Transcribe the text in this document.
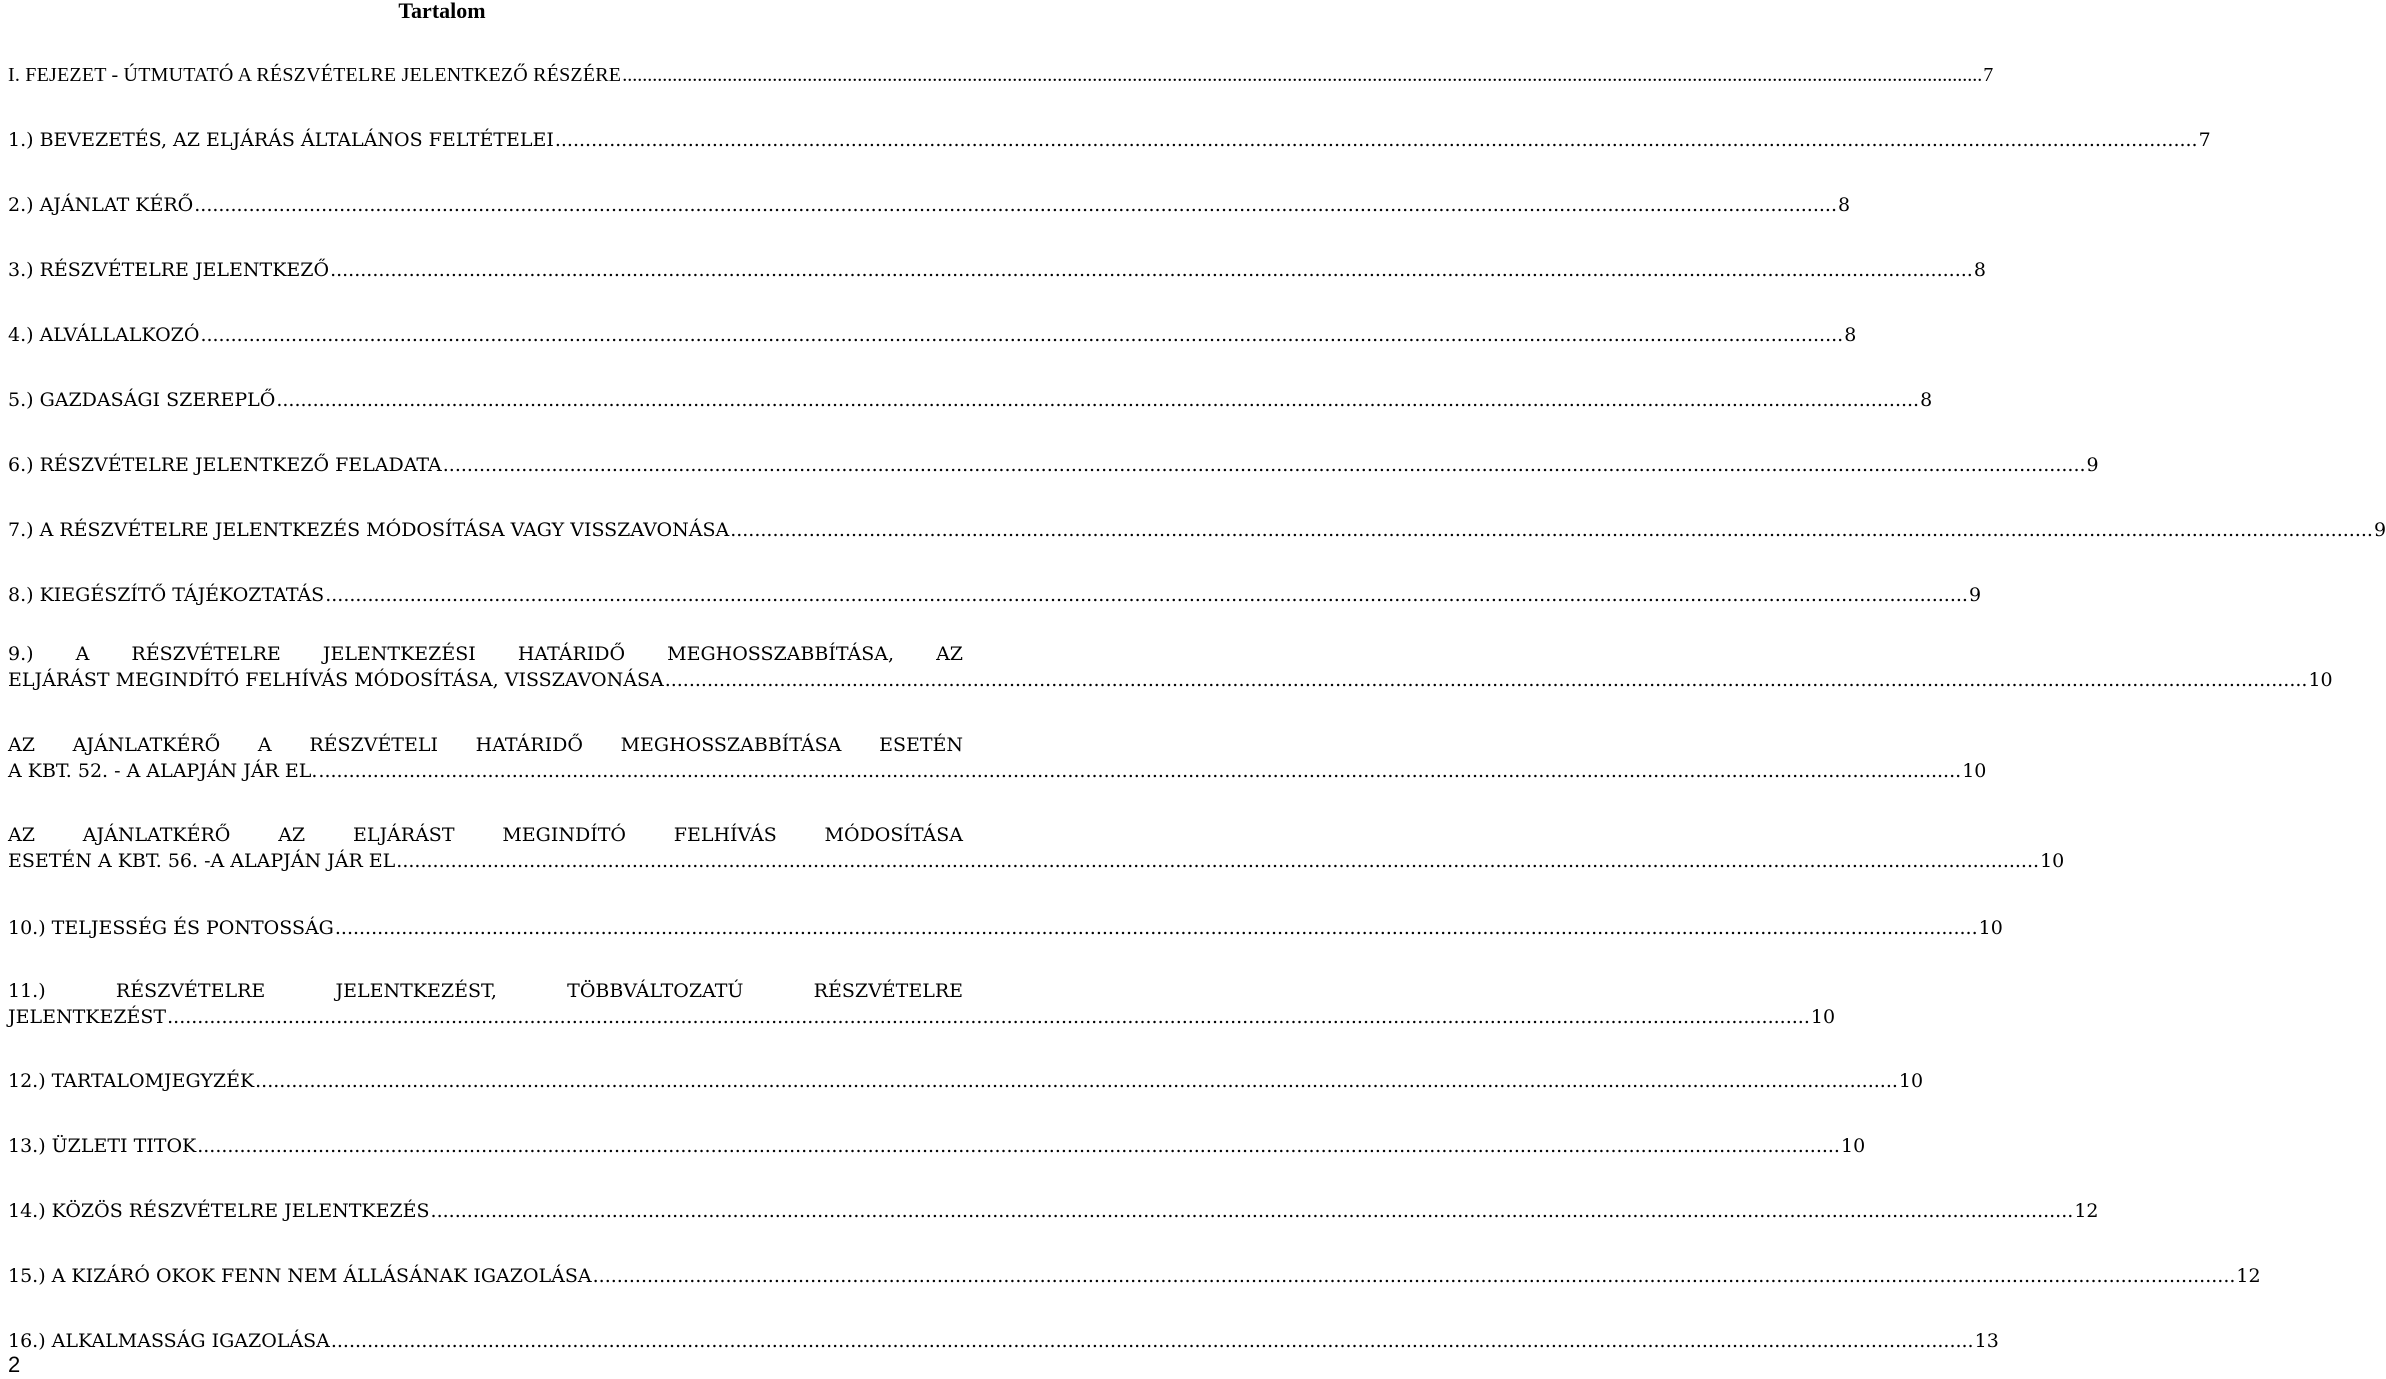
Tartalom
I. FEJEZET - ÚTMUTATÓ A RÉSZVÉTELRE JELENTKEZŐ RÉSZÉRE .....	7
1.) BEVEZETÉS, AZ ELJÁRÁS ÁLTALÁNOS FELTÉTELEI .....	7
2.) AJÁNLAT KÉRŐ .....	8
3.) RÉSZVÉTELRE JELENTKEZŐ .....	8
4.) ALVÁLLALKOZÓ .....	8
5.) GAZDASÁGI SZEREPLŐ .....	8
6.) RÉSZVÉTELRE JELENTKEZŐ FELADATA .....	9
7.) A RÉSZVÉTELRE JELENTKEZÉS MÓDOSÍTÁSA VAGY VISSZAVONÁSA .....	9
8.) KIEGÉSZÍTŐ TÁJÉKOZTATÁS .....	9
9.) A RÉSZVÉTELRE JELENTKEZÉSI HATÁRIDŐ MEGHOSSZABBÍTÁSA, AZ
ELJÁRÁST MEGINDÍTÓ FELHÍVÁS MÓDOSÍTÁSA, VISSZAVONÁSA .....	10
AZ AJÁNLATKÉRŐ A RÉSZVÉTELI HATÁRIDŐ MEGHOSSZABBÍTÁSA ESETÉN
A KBT. 52. - A ALAPJÁN JÁR EL. .....	10
AZ AJÁNLATKÉRŐ AZ ELJÁRÁST MEGINDÍTÓ FELHÍVÁS MÓDOSÍTÁSA
ESETÉN A KBT. 56. -A ALAPJÁN JÁR EL .....	10
10.) TELJESSÉG ÉS PONTOSSÁG .....	10
11.) RÉSZVÉTELRE JELENTKEZÉST, TÖBBVÁLTOZATÚ RÉSZVÉTELRE
JELENTKEZÉST .....	10
12.) TARTALOMJEGYZÉK .....	10
13.) ÜZLETI TITOK .....	10
14.) KÖZÖS RÉSZVÉTELRE JELENTKEZÉS .....	12
15.) A KIZÁRÓ OKOK FENN NEM ÁLLÁSÁNAK IGAZOLÁSA .....	12
16.) ALKALMASSÁG IGAZOLÁSA .....	13
2
